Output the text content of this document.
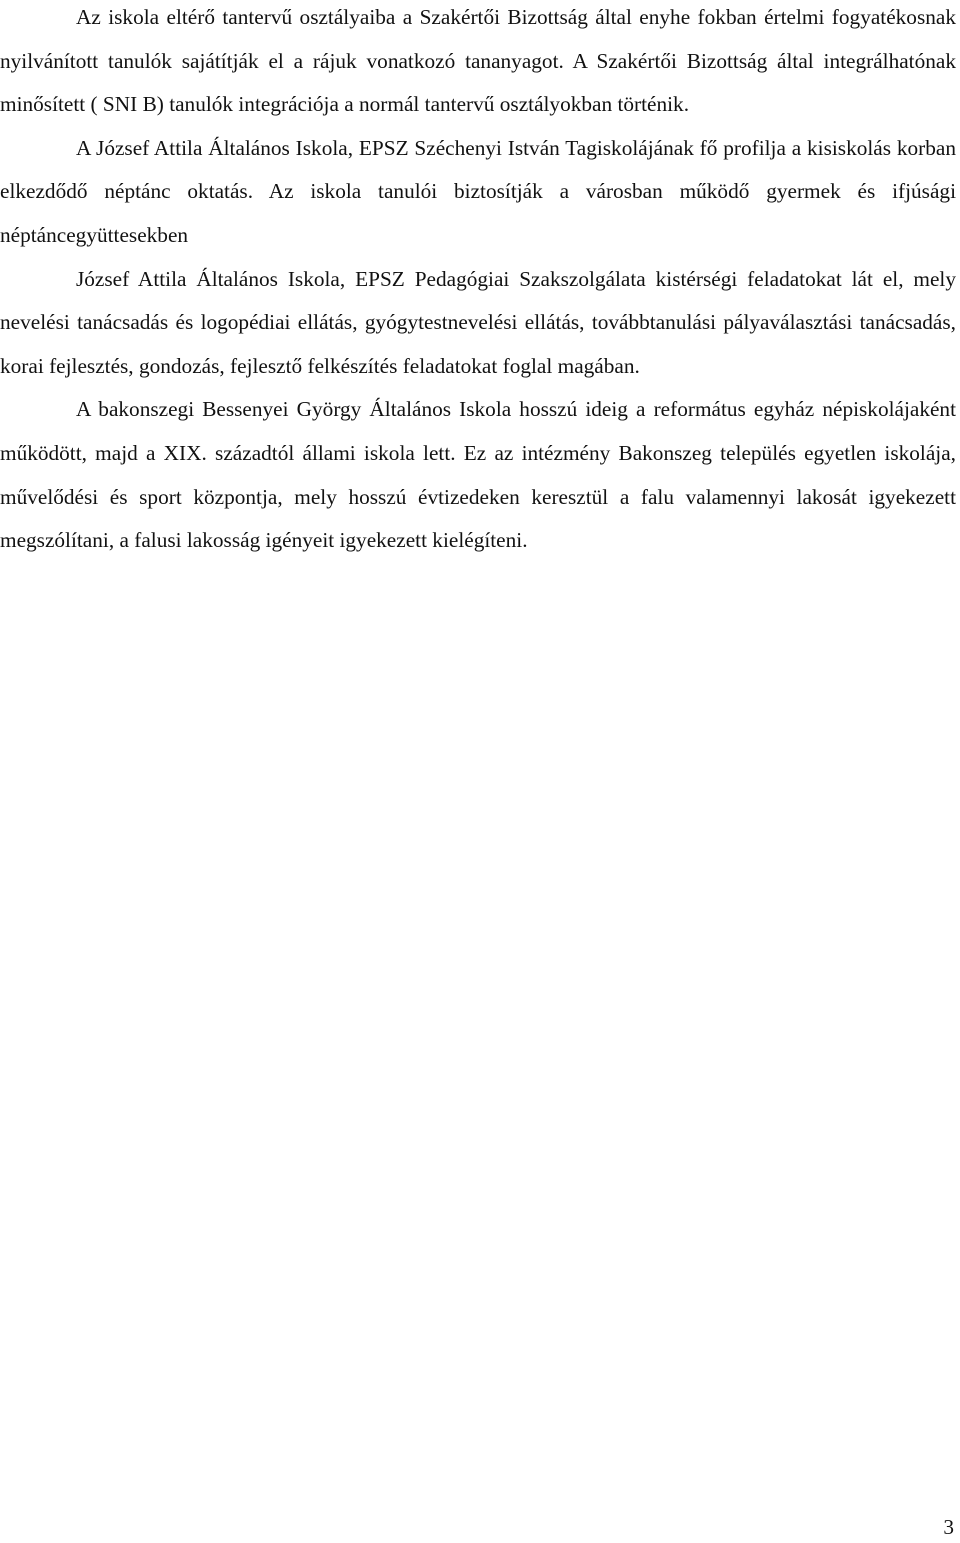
Az iskola eltérő tantervű osztályaiba a Szakértői Bizottság által enyhe fokban értelmi fogyatékosnak nyilvánított tanulók sajátítják el a rájuk vonatkozó tananyagot. A Szakértői Bizottság által integrálhatónak minősített ( SNI B) tanulók integrációja a normál tantervű osztályokban történik.

A József Attila Általános Iskola, EPSZ Széchenyi István Tagiskolájának fő profilja a kisiskolás korban elkezdődő néptánc oktatás. Az iskola tanulói biztosítják a városban működő gyermek és ifjúsági néptáncegyüttesekben

József Attila Általános Iskola, EPSZ Pedagógiai Szakszolgálata kistérségi feladatokat lát el, mely nevelési tanácsadás és logopédiai ellátás, gyógytestnevelési ellátás, továbbtanulási pályaválasztási tanácsadás, korai fejlesztés, gondozás, fejlesztő felkészítés feladatokat foglal magában.

A bakonszegi Bessenyei György Általános Iskola hosszú ideig a református egyház népiskolájaként működött, majd a XIX. századtól állami iskola lett. Ez az intézmény Bakonszeg település egyetlen iskolája, művelődési és sport központja, mely hosszú évtizedeken keresztül a falu valamennyi lakosát igyekezett megszólítani, a falusi lakosság igényeit igyekezett kielégíteni.

3
